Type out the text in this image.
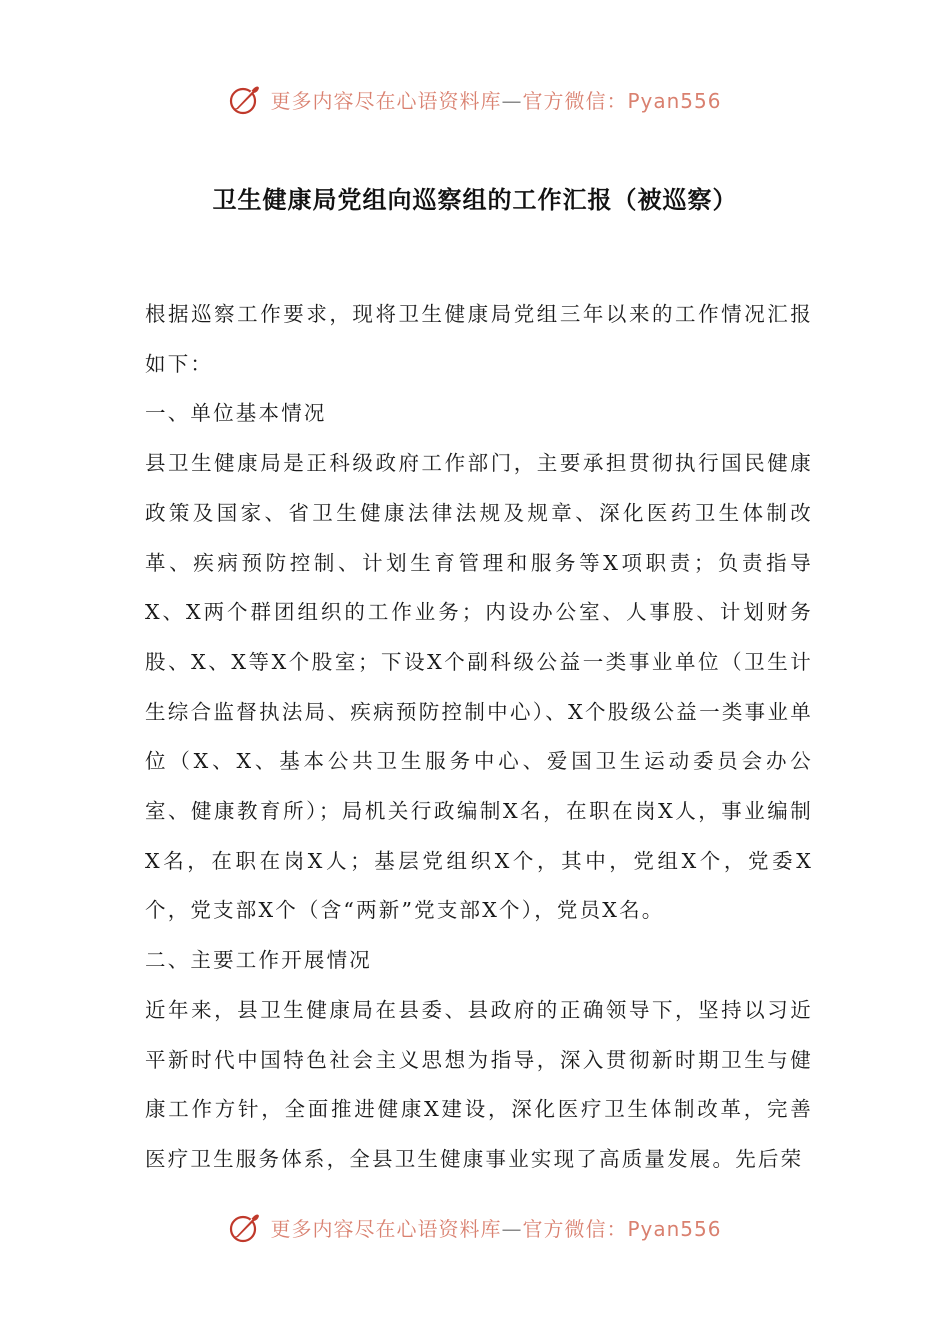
更多内容尽在心语资料库—官方微信：Pyan556
卫生健康局党组向巡察组的工作汇报（被巡察）

根据巡察工作要求，现将卫生健康局党组三年以来的工作情况汇报如下：

一、单位基本情况

县卫生健康局是正科级政府工作部门，主要承担贯彻执行国民健康政策及国家、省卫生健康法律法规及规章、深化医药卫生体制改革、疾病预防控制、计划生育管理和服务等X项职责；负责指导X、X两个群团组织的工作业务；内设办公室、人事股、计划财务股、X、X等X个股室；下设X个副科级公益一类事业单位（卫生计生综合监督执法局、疾病预防控制中心）、X个股级公益一类事业单位（X、X、基本公共卫生服务中心、爱国卫生运动委员会办公室、健康教育所）；局机关行政编制X名，在职在岗X人，事业编制X名，在职在岗X人；基层党组织X个，其中，党组X个，党委X个，党支部X个（含“两新”党支部X个），党员X名。

二、主要工作开展情况

近年来，县卫生健康局在县委、县政府的正确领导下，坚持以习近平新时代中国特色社会主义思想为指导，深入贯彻新时期卫生与健康工作方针，全面推进健康X建设，深化医疗卫生体制改革，完善医疗卫生服务体系，全县卫生健康事业实现了高质量发展。先后荣

更多内容尽在心语资料库—官方微信：Pyan556
